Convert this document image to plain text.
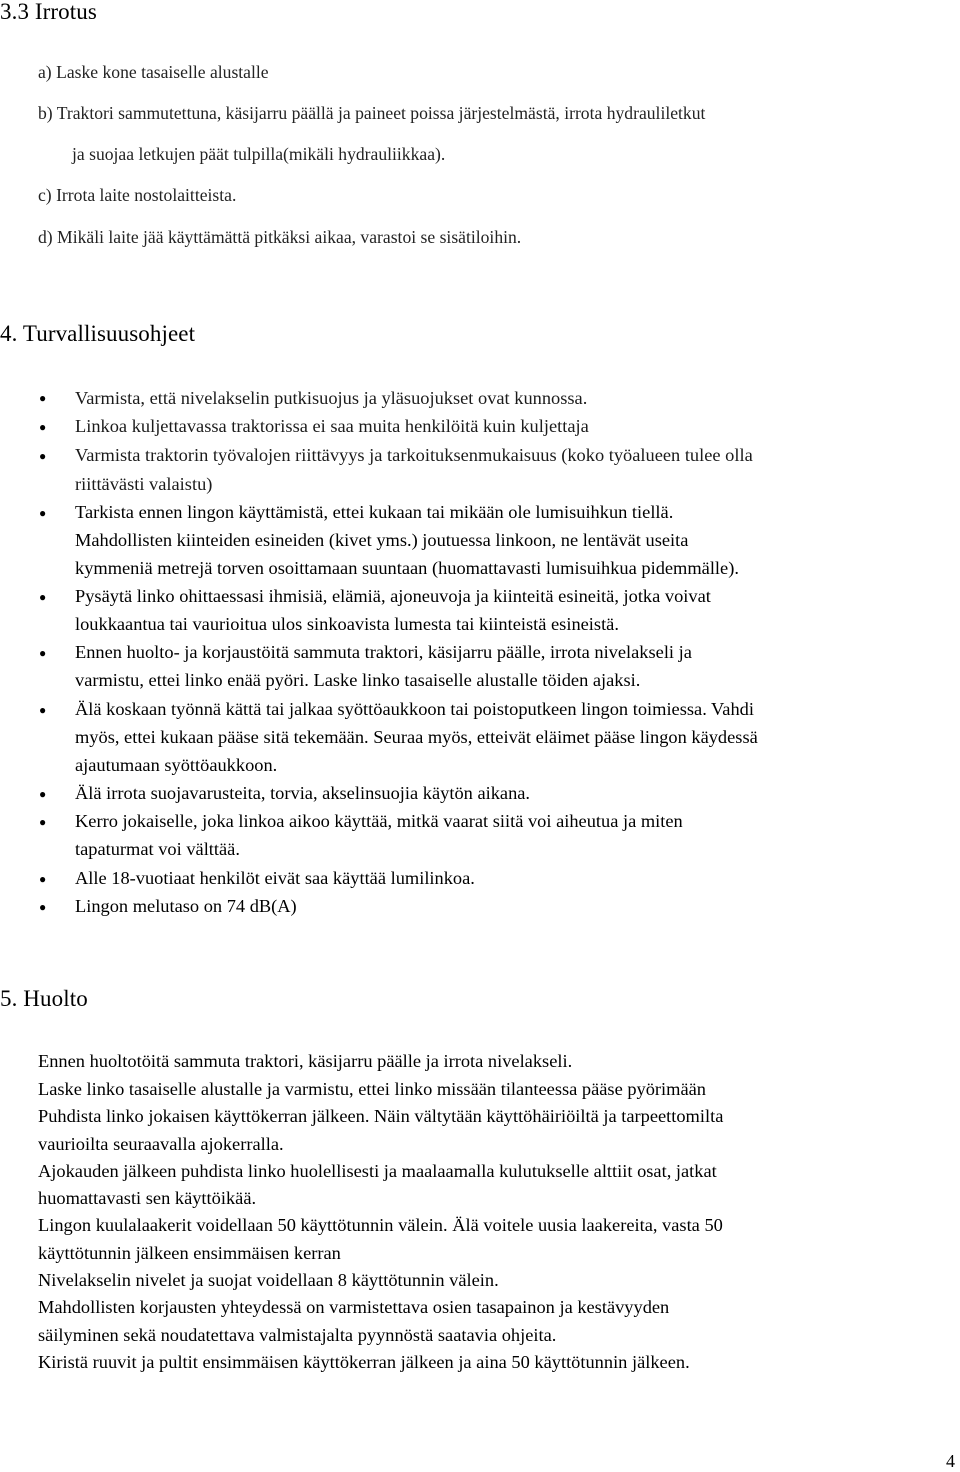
3.3 Irrotus
a) Laske kone tasaiselle alustalle
b) Traktori sammutettuna, käsijarru päällä ja paineet poissa järjestelmästä, irrota hydrauliletkut
ja suojaa letkujen päät tulpilla(mikäli hydrauliikkaa).
c) Irrota laite nostolaitteista.
d) Mikäli laite jää käyttämättä pitkäksi aikaa, varastoi se sisätiloihin.
4. Turvallisuusohjeet
●
●
●
●
●
●
●
●
●
●
●
Varmista, että nivelakselin putkisuojus ja yläsuojukset ovat kunnossa.
Linkoa kuljettavassa traktorissa ei saa muita henkilöitä kuin kuljettaja
Varmista traktorin työvalojen riittävyys ja tarkoituksenmukaisuus (koko työalueen tulee olla
riittävästi valaistu)
Tarkista ennen lingon käyttämistä, ettei kukaan tai mikään ole lumisuihkun tiellä.
Mahdollisten kiinteiden esineiden (kivet yms.) joutuessa linkoon, ne lentävät useita
kymmeniä metrejä torven osoittamaan suuntaan (huomattavasti lumisuihkua pidemmälle).
Pysäytä linko ohittaessasi ihmisiä, elämiä, ajoneuvoja ja kiinteitä esineitä, jotka voivat
loukkaantua tai vaurioitua ulos sinkoavista lumesta tai kiinteistä esineistä.
Ennen huolto- ja korjaustöitä sammuta traktori, käsijarru päälle, irrota nivelakseli ja
varmistu, ettei linko enää pyöri. Laske linko tasaiselle alustalle töiden ajaksi.
Älä koskaan työnnä kättä tai jalkaa syöttöaukkoon tai poistoputkeen lingon toimiessa. Vahdi
myös, ettei kukaan pääse sitä tekemään. Seuraa myös, etteivät eläimet pääse lingon käydessä
ajautumaan syöttöaukkoon.
Älä irrota suojavarusteita, torvia, akselinsuojia käytön aikana.
Kerro jokaiselle, joka linkoa aikoo käyttää, mitkä vaarat siitä voi aiheutua ja miten
tapaturmat voi välttää.
Alle 18-vuotiaat henkilöt eivät saa käyttää lumilinkoa.
Lingon melutaso on 74 dB(A)
5. Huolto
Ennen huoltotöitä sammuta traktori, käsijarru päälle ja irrota nivelakseli.
Laske linko tasaiselle alustalle ja varmistu, ettei linko missään tilanteessa pääse pyörimään
Puhdista linko jokaisen käyttökerran jälkeen. Näin vältytään käyttöhäiriöiltä ja tarpeettomilta
vaurioilta seuraavalla ajokerralla.
Ajokauden jälkeen puhdista linko huolellisesti ja maalaamalla kulutukselle alttiit osat, jatkat
huomattavasti sen käyttöikää.
Lingon kuulalaakerit voidellaan 50 käyttötunnin välein. Älä voitele uusia laakereita, vasta 50
käyttötunnin jälkeen ensimmäisen kerran
Nivelakselin nivelet ja suojat voidellaan 8 käyttötunnin välein.
Mahdollisten korjausten yhteydessä on varmistettava osien tasapainon ja kestävyyden
säilyminen sekä noudatettava valmistajalta pyynnöstä saatavia ohjeita.
Kiristä ruuvit ja pultit ensimmäisen käyttökerran jälkeen ja aina 50 käyttötunnin jälkeen.
4
